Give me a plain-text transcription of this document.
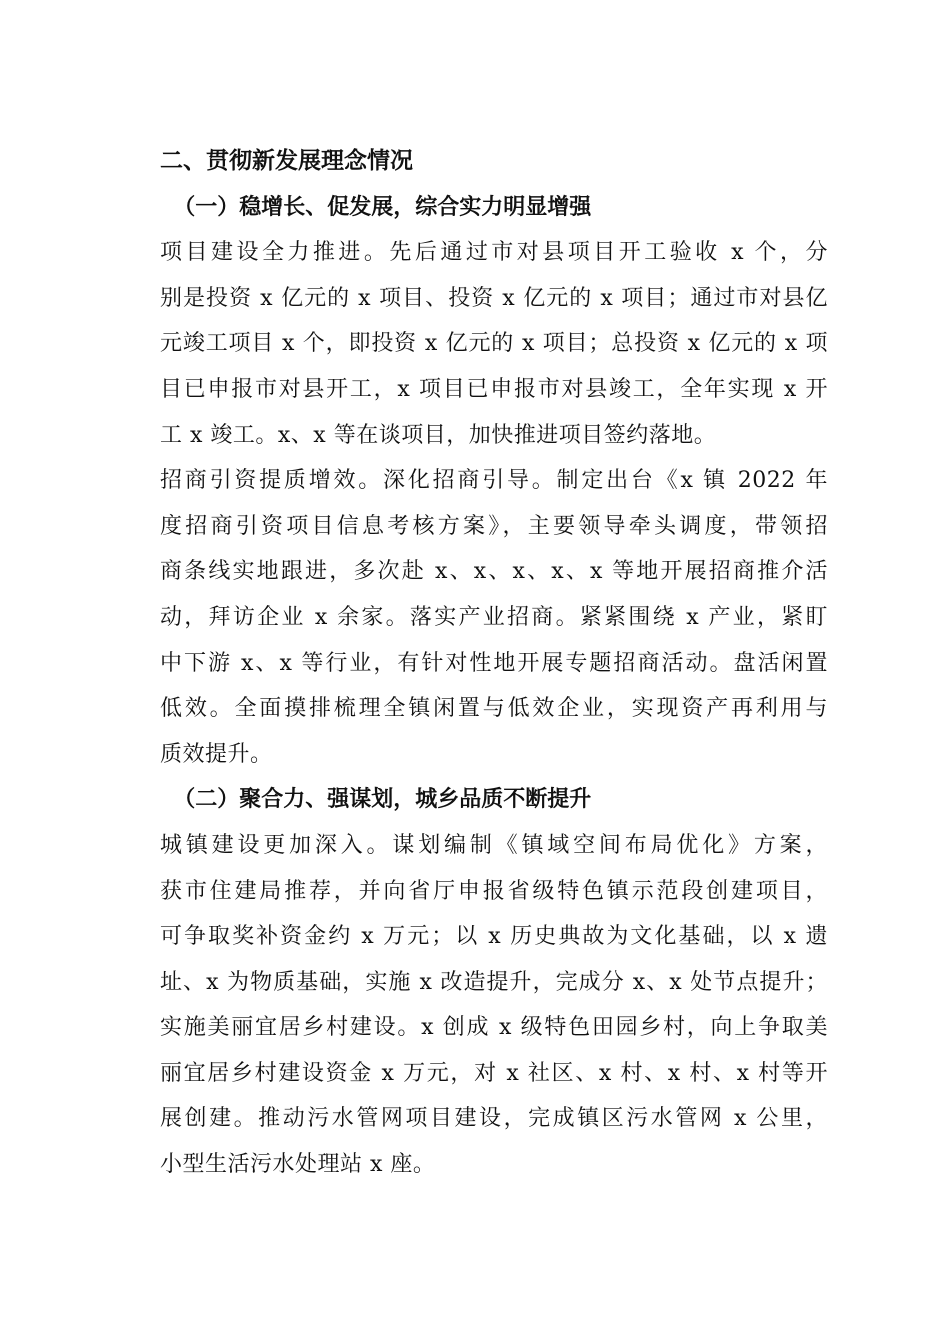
二、贯彻新发展理念情况
（一）稳增长、促发展，综合实力明显增强
项目建设全力推进。先后通过市对县项目开工验收 x 个，分
别是投资 x 亿元的 x 项目、投资 x 亿元的 x 项目；通过市对县亿
元竣工项目 x 个，即投资 x 亿元的 x 项目；总投资 x 亿元的 x 项
目已申报市对县开工，x 项目已申报市对县竣工，全年实现 x 开
工 x 竣工。x、x 等在谈项目，加快推进项目签约落地。
招商引资提质增效。深化招商引导。制定出台《x 镇 2022 年
度招商引资项目信息考核方案》，主要领导牵头调度，带领招
商条线实地跟进，多次赴 x、x、x、x、x 等地开展招商推介活
动，拜访企业 x 余家。落实产业招商。紧紧围绕 x 产业，紧盯
中下游 x、x 等行业，有针对性地开展专题招商活动。盘活闲置
低效。全面摸排梳理全镇闲置与低效企业，实现资产再利用与
质效提升。
（二）聚合力、强谋划，城乡品质不断提升
城镇建设更加深入。谋划编制《镇域空间布局优化》方案，
获市住建局推荐，并向省厅申报省级特色镇示范段创建项目，
可争取奖补资金约 x 万元；以 x 历史典故为文化基础，以 x 遗
址、x 为物质基础，实施 x 改造提升，完成分 x、x 处节点提升；
实施美丽宜居乡村建设。x 创成 x 级特色田园乡村，向上争取美
丽宜居乡村建设资金 x 万元，对 x 社区、x 村、x 村、x 村等开
展创建。推动污水管网项目建设，完成镇区污水管网 x 公里，
小型生活污水处理站 x 座。
